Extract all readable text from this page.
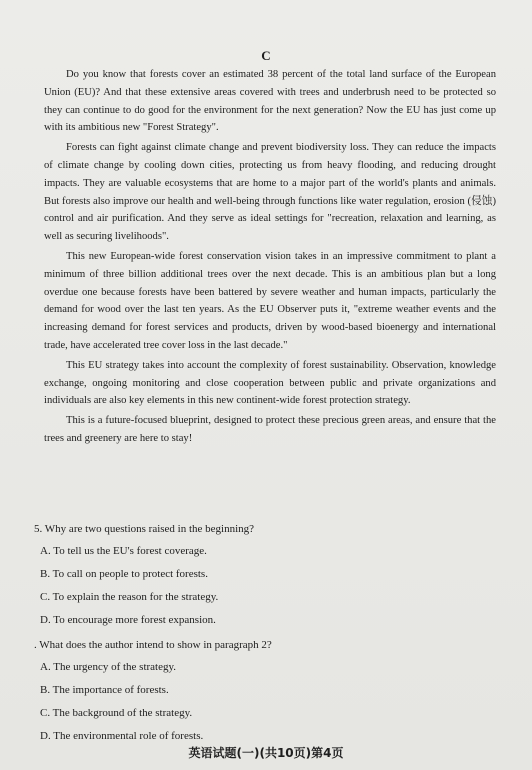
C

Do you know that forests cover an estimated 38 percent of the total land surface of the European Union (EU)? And that these extensive areas covered with trees and underbrush need to be protected so they can continue to do good for the environment for the next generation? Now the EU has just come up with its ambitious new "Forest Strategy".

Forests can fight against climate change and prevent biodiversity loss. They can reduce the impacts of climate change by cooling down cities, protecting us from heavy flooding, and reducing drought impacts. They are valuable ecosystems that are home to a major part of the world's plants and animals. But forests also improve our health and well-being through functions like water regulation, erosion (侵蚀) control and air purification. And they serve as ideal settings for "recreation, relaxation and learning, as well as securing livelihoods".

This new European-wide forest conservation vision takes in an impressive commitment to plant a minimum of three billion additional trees over the next decade. This is an ambitious plan but a long overdue one because forests have been battered by severe weather and human impacts, particularly the demand for wood over the last ten years. As the EU Observer puts it, "extreme weather events and the increasing demand for forest services and products, driven by wood-based bioenergy and international trade, have accelerated tree cover loss in the last decade."

This EU strategy takes into account the complexity of forest sustainability. Observation, knowledge exchange, ongoing monitoring and close cooperation between public and private organizations and individuals are also key elements in this new continent-wide forest protection strategy.

This is a future-focused blueprint, designed to protect these precious green areas, and ensure that the trees and greenery are here to stay!

5. Why are two questions raised in the beginning?
A. To tell us the EU's forest coverage.
B. To call on people to protect forests.
C. To explain the reason for the strategy.
D. To encourage more forest expansion.
. What does the author intend to show in paragraph 2?
A. The urgency of the strategy.
B. The importance of forests.
C. The background of the strategy.
D. The environmental role of forests.
英语试题(一)(共10页)第4页
